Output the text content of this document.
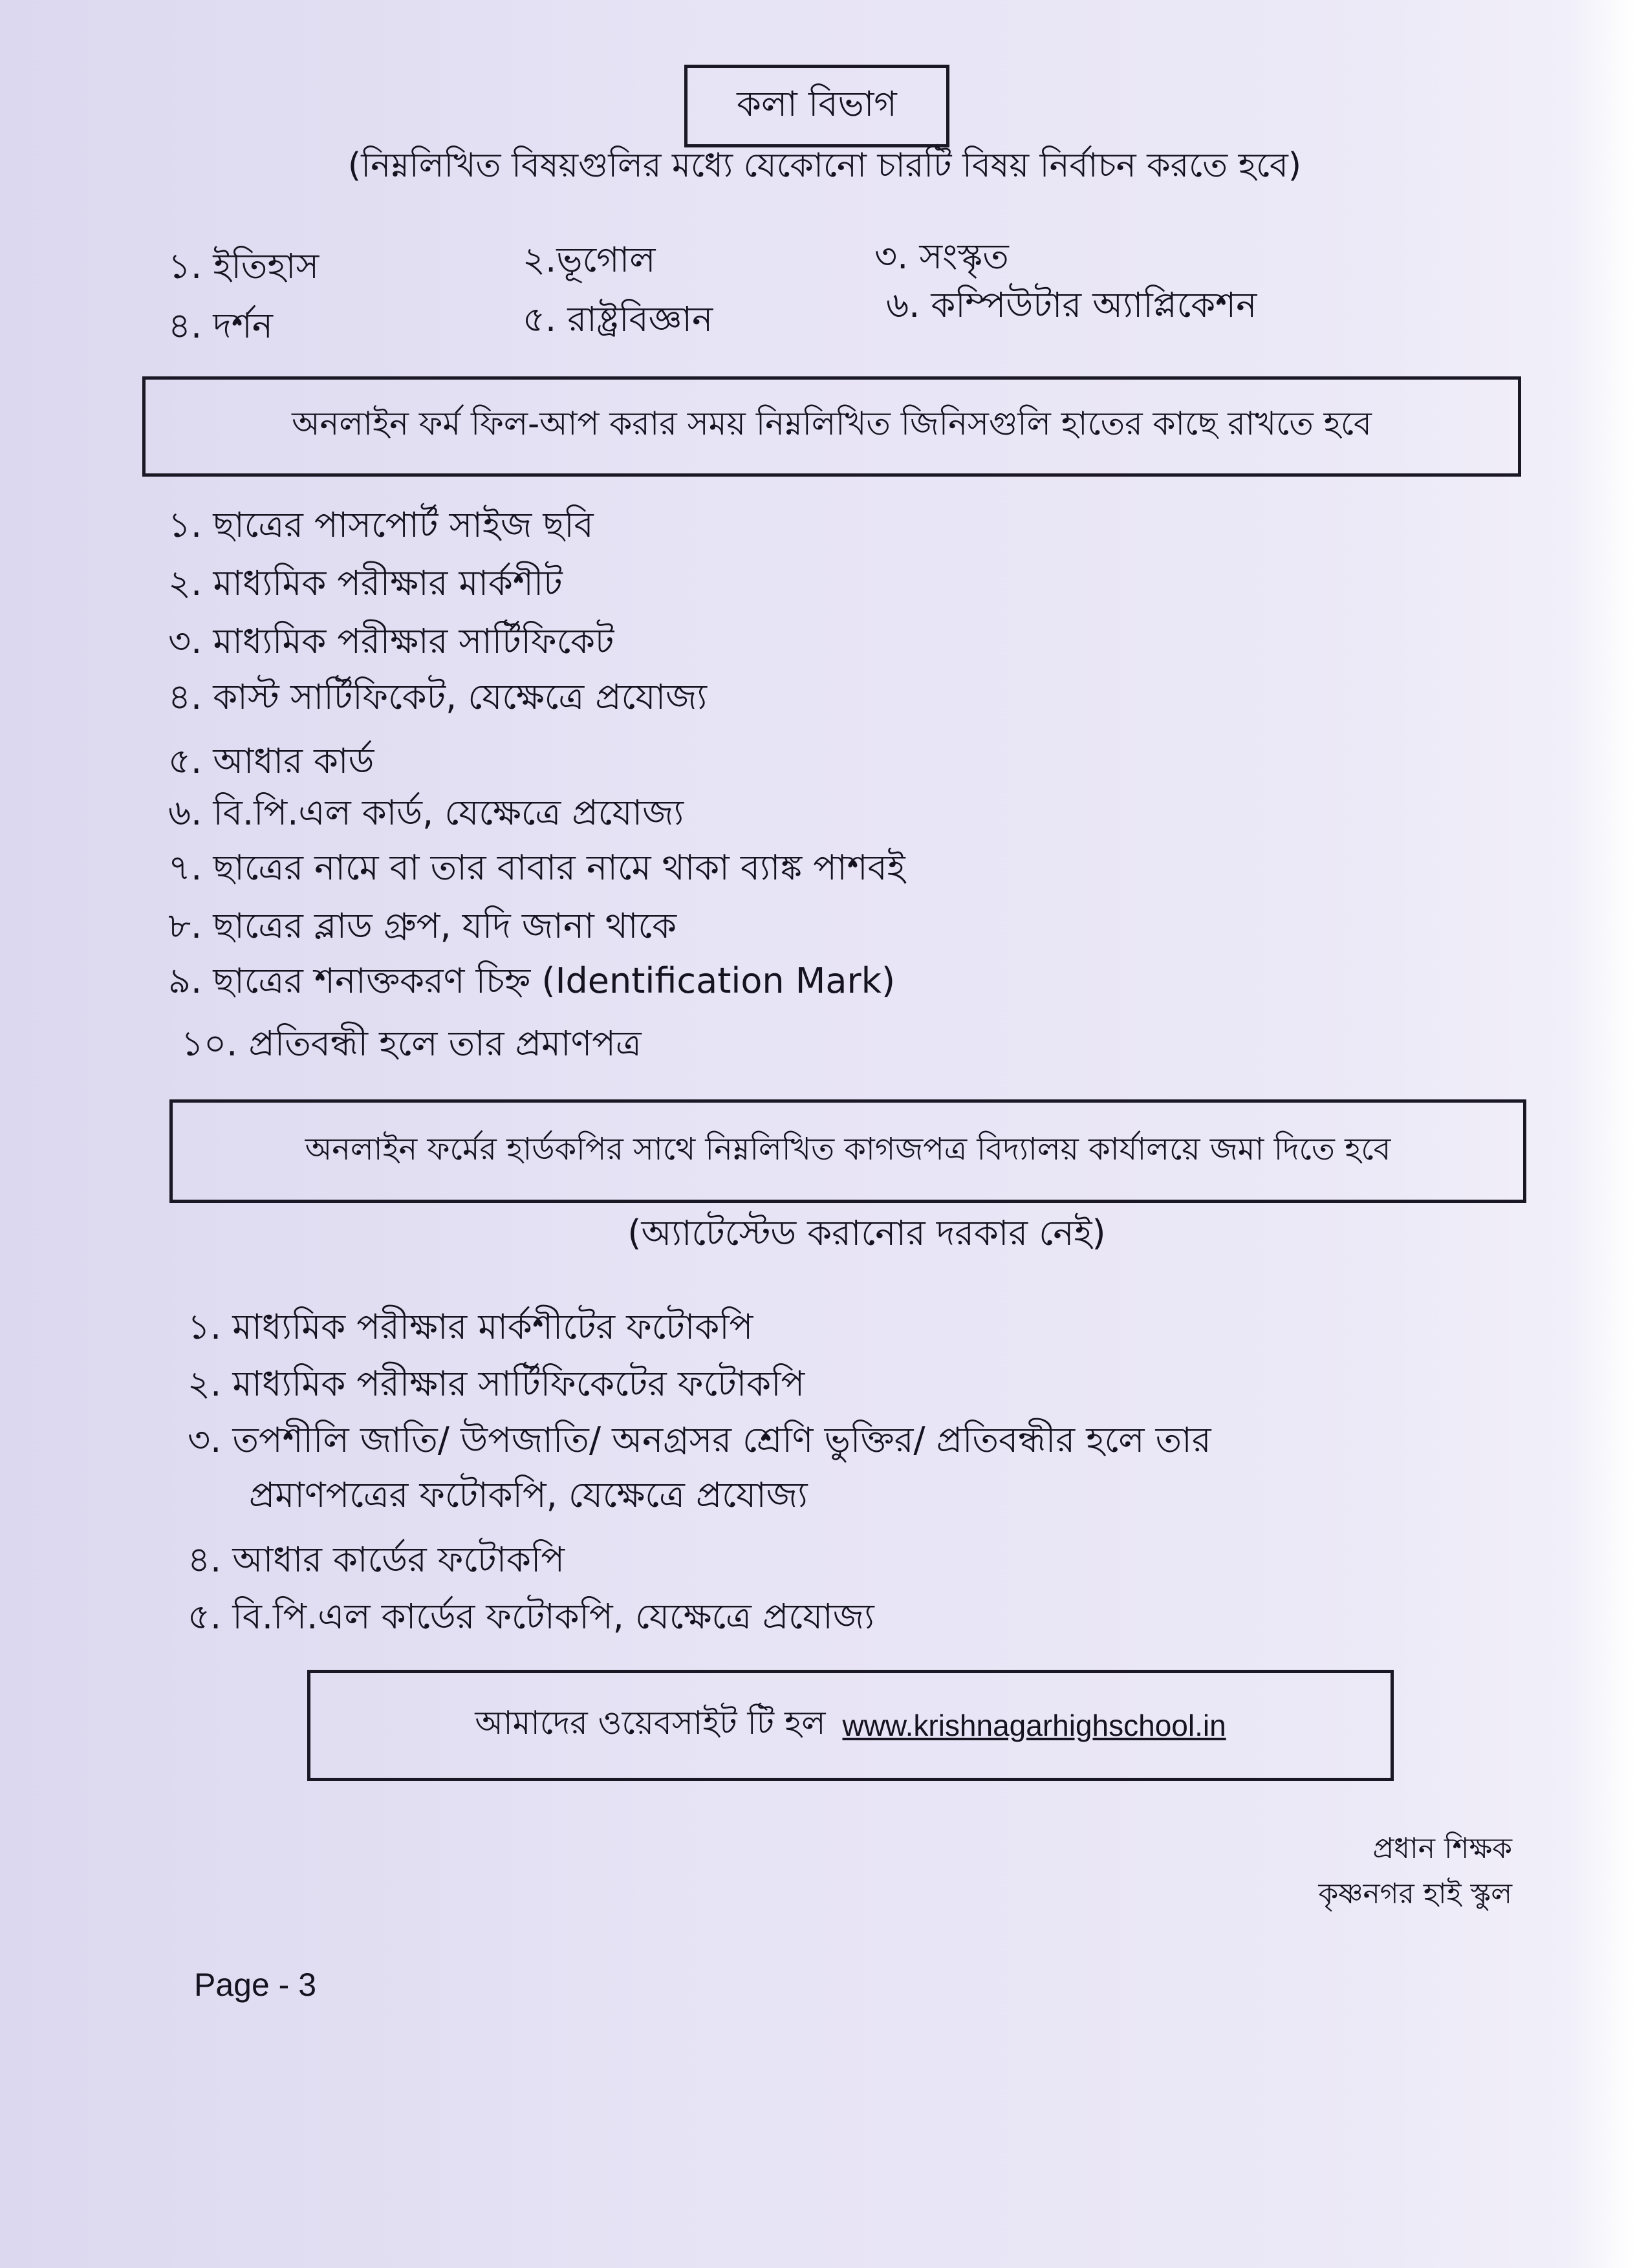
কলা বিভাগ
(নিম্নলিখিত বিষয়গুলির মধ্যে যেকোনো চারটি বিষয় নির্বাচন করতে হবে)
১. ইতিহাস	২.ভূগোল	৩. সংস্কৃত
৪. দর্শন	৫. রাষ্ট্রবিজ্ঞান	৬. কম্পিউটার অ্যাপ্লিকেশন
অনলাইন ফর্ম ফিল-আপ করার সময় নিম্নলিখিত জিনিসগুলি হাতের কাছে রাখতে হবে
১. ছাত্রের পাসপোর্ট সাইজ ছবি
২. মাধ্যমিক পরীক্ষার মার্কশীট
৩. মাধ্যমিক পরীক্ষার সার্টিফিকেট
৪. কাস্ট সার্টিফিকেট, যেক্ষেত্রে প্রযোজ্য
৫. আধার কার্ড
৬. বি.পি.এল কার্ড, যেক্ষেত্রে প্রযোজ্য
৭. ছাত্রের নামে বা তার বাবার নামে থাকা ব্যাঙ্ক পাশবই
৮. ছাত্রের ব্লাড গ্রুপ, যদি জানা থাকে
৯. ছাত্রের শনাক্তকরণ চিহ্ন (Identification Mark)
১০. প্রতিবন্ধী হলে তার প্রমাণপত্র
অনলাইন ফর্মের হার্ডকপির সাথে নিম্নলিখিত কাগজপত্র বিদ্যালয় কার্যালয়ে জমা দিতে হবে
(অ্যাটেস্টেড করানোর দরকার নেই)
১. মাধ্যমিক পরীক্ষার মার্কশীটের ফটোকপি
২. মাধ্যমিক পরীক্ষার সার্টিফিকেটের ফটোকপি
৩. তপশীলি জাতি/ উপজাতি/ অনগ্রসর শ্রেণি ভুক্তির/ প্রতিবন্ধীর হলে তার
প্রমাণপত্রের ফটোকপি, যেক্ষেত্রে প্রযোজ্য
৪. আধার কার্ডের ফটোকপি
৫. বি.পি.এল কার্ডের ফটোকপি, যেক্ষেত্রে প্রযোজ্য
আমাদের ওয়েবসাইট টি হল www.krishnagarhighschool.in
প্রধান শিক্ষক
কৃষ্ণনগর হাই স্কুল
Page - 3
